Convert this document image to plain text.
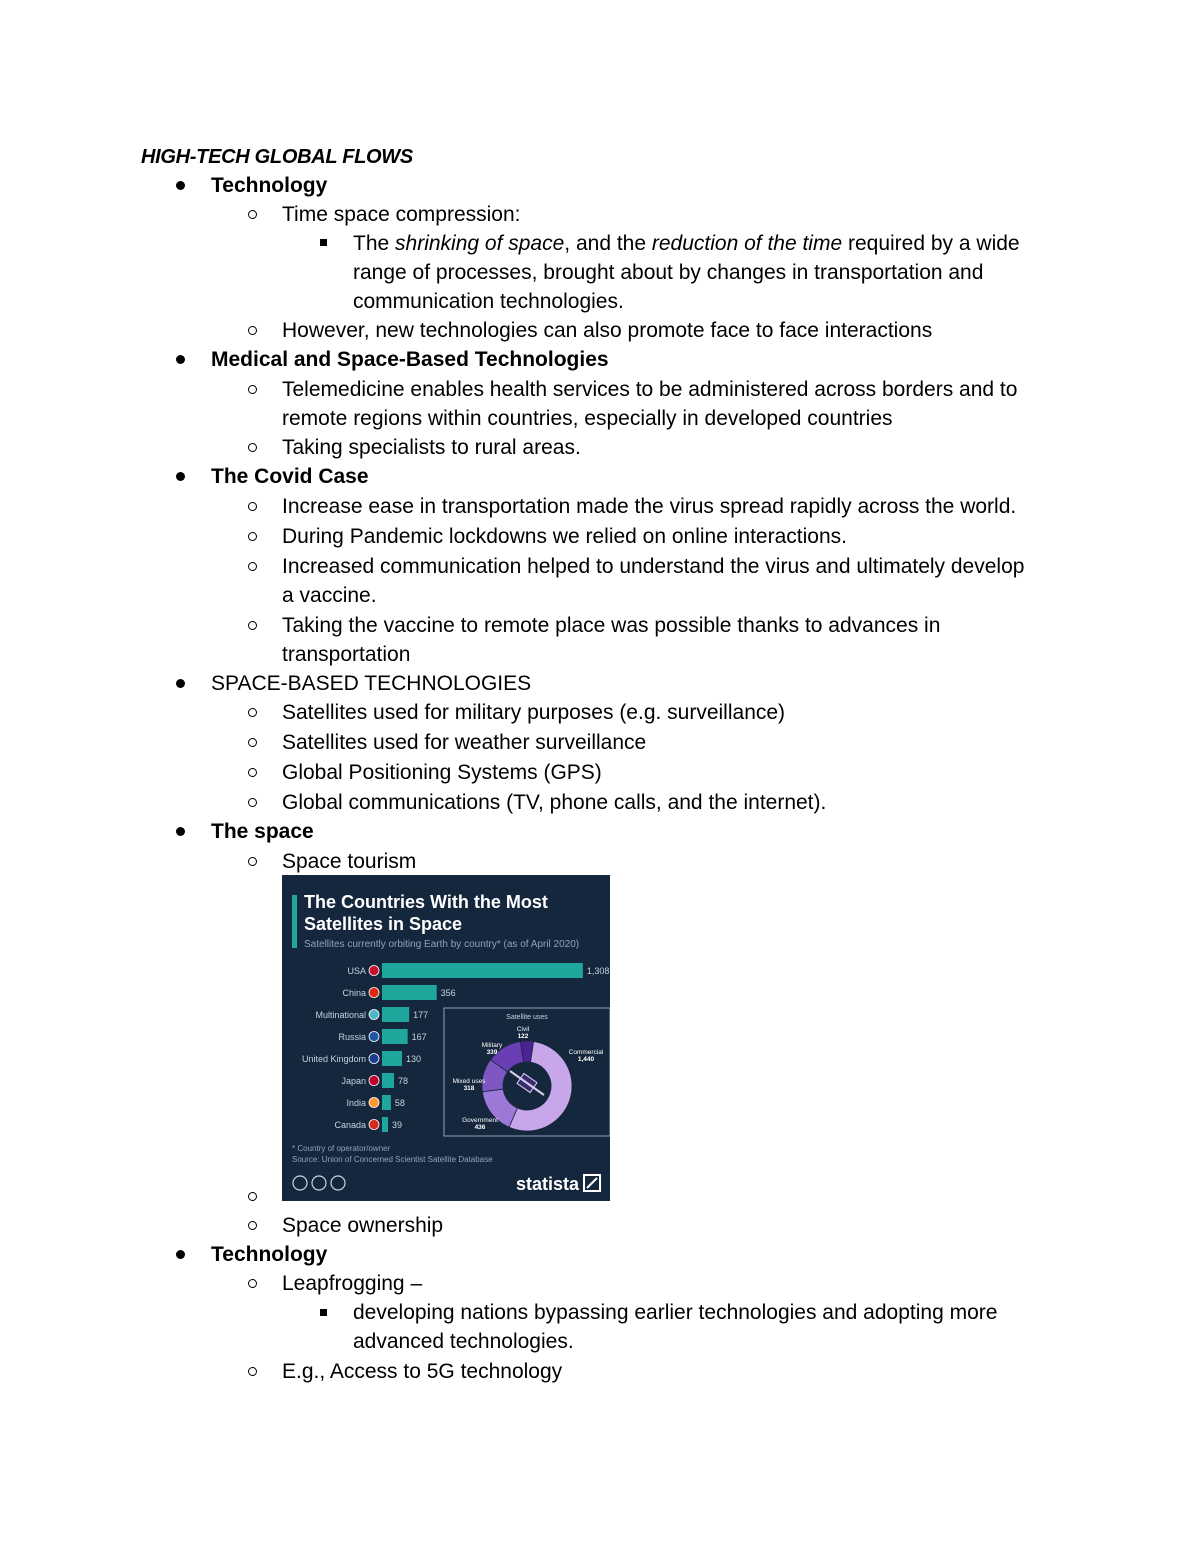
HIGH-TECH GLOBAL FLOWS
Technology
Time space compression:
The shrinking of space, and the reduction of the time required by a wide
range of processes, brought about by changes in transportation and
communication technologies.
However, new technologies can also promote face to face interactions
Medical and Space-Based Technologies
Telemedicine enables health services to be administered across borders and to
remote regions within countries, especially in developed countries
Taking specialists to rural areas.
The Covid Case
Increase ease in transportation made the virus spread rapidly across the world.
During Pandemic lockdowns we relied on online interactions.
Increased communication helped to understand the virus and ultimately develop
a vaccine.
Taking the vaccine to remote place was possible thanks to advances in
transportation
SPACE-BASED TECHNOLOGIES
Satellites used for military purposes (e.g. surveillance)
Satellites used for weather surveillance
Global Positioning Systems (GPS)
Global communications (TV, phone calls, and the internet).
The space
Space tourism
Space ownership
Technology
Leapfrogging –
developing nations bypassing earlier technologies and adopting more
advanced technologies.
E.g., Access to 5G technology
The Countries With the Most
Satellites in Space
Satellites currently orbiting Earth by country* (as of April 2020)
USA	1,308
China	356
Multinational	177
Russia	167
United Kingdom	130
Japan	78
India	58
Canada	39
Satellite uses
Commercial
1,440
Government
436
Mixed uses
318
Military
339
Civil
122
* Country of operator/owner
Source: Union of Concerned Scientist Satellite Database
statista
